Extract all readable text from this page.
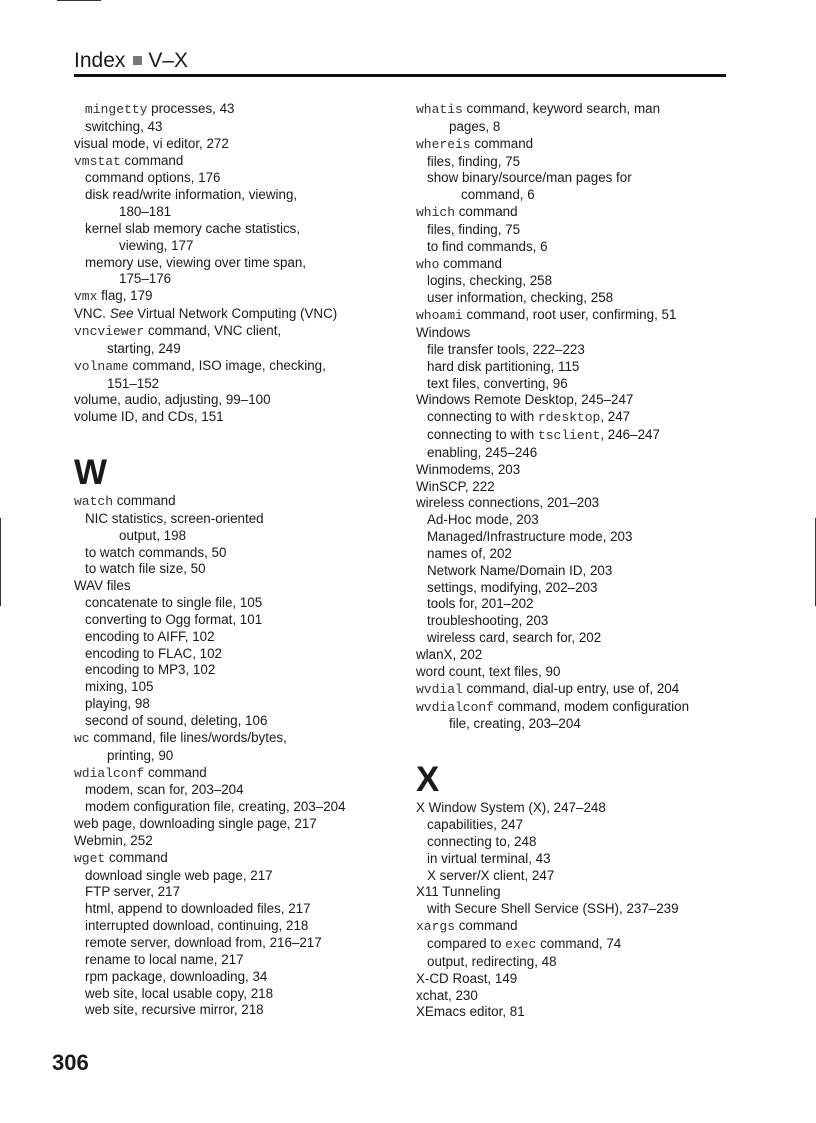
Index V–X
mingetty processes, 43
switching, 43
visual mode, vi editor, 272
vmstat command
command options, 176
disk read/write information, viewing,
180–181
kernel slab memory cache statistics,
viewing, 177
memory use, viewing over time span,
175–176
vmx flag, 179
VNC. See Virtual Network Computing (VNC)
vncviewer command, VNC client,
starting, 249
volname command, ISO image, checking,
151–152
volume, audio, adjusting, 99–100
volume ID, and CDs, 151
W
watch command
NIC statistics, screen-oriented
output, 198
to watch commands, 50
to watch file size, 50
WAV files
concatenate to single file, 105
converting to Ogg format, 101
encoding to AIFF, 102
encoding to FLAC, 102
encoding to MP3, 102
mixing, 105
playing, 98
second of sound, deleting, 106
wc command, file lines/words/bytes,
printing, 90
wdialconf command
modem, scan for, 203–204
modem configuration file, creating, 203–204
web page, downloading single page, 217
Webmin, 252
wget command
download single web page, 217
FTP server, 217
html, append to downloaded files, 217
interrupted download, continuing, 218
remote server, download from, 216–217
rename to local name, 217
rpm package, downloading, 34
web site, local usable copy, 218
web site, recursive mirror, 218
whatis command, keyword search, man
pages, 8
whereis command
files, finding, 75
show binary/source/man pages for
command, 6
which command
files, finding, 75
to find commands, 6
who command
logins, checking, 258
user information, checking, 258
whoami command, root user, confirming, 51
Windows
file transfer tools, 222–223
hard disk partitioning, 115
text files, converting, 96
Windows Remote Desktop, 245–247
connecting to with rdesktop, 247
connecting to with tsclient, 246–247
enabling, 245–246
Winmodems, 203
WinSCP, 222
wireless connections, 201–203
Ad-Hoc mode, 203
Managed/Infrastructure mode, 203
names of, 202
Network Name/Domain ID, 203
settings, modifying, 202–203
tools for, 201–202
troubleshooting, 203
wireless card, search for, 202
wlanX, 202
word count, text files, 90
wvdial command, dial-up entry, use of, 204
wvdialconf command, modem configuration
file, creating, 203–204
X
X Window System (X), 247–248
capabilities, 247
connecting to, 248
in virtual terminal, 43
X server/X client, 247
X11 Tunneling
with Secure Shell Service (SSH), 237–239
xargs command
compared to exec command, 74
output, redirecting, 48
X-CD Roast, 149
xchat, 230
XEmacs editor, 81
306
